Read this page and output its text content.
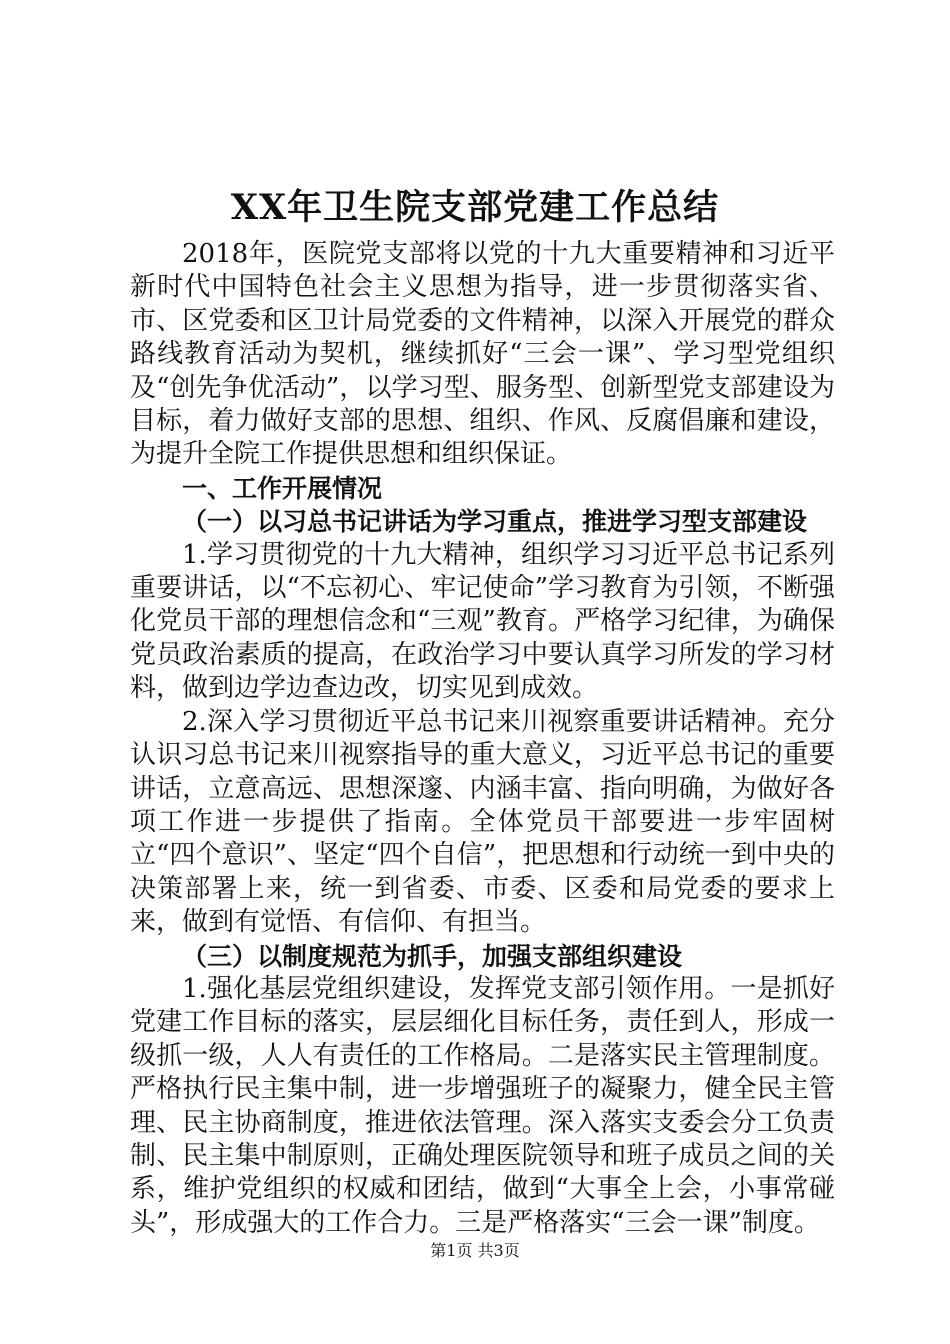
XX年卫生院支部党建工作总结

2018年，医院党支部将以党的十九大重要精神和习近平新时代中国特色社会主义思想为指导，进一步贯彻落实省、市、区党委和区卫计局党委的文件精神，以深入开展党的群众路线教育活动为契机，继续抓好“三会一课”、学习型党组织及“创先争优活动”，以学习型、服务型、创新型党支部建设为目标，着力做好支部的思想、组织、作风、反腐倡廉和建设，为提升全院工作提供思想和组织保证。

一、工作开展情况

（一）以习总书记讲话为学习重点，推进学习型支部建设

1.学习贯彻党的十九大精神，组织学习习近平总书记系列重要讲话，以“不忘初心、牢记使命”学习教育为引领，不断强化党员干部的理想信念和“三观”教育。严格学习纪律，为确保党员政治素质的提高，在政治学习中要认真学习所发的学习材料，做到边学边查边改，切实见到成效。

2.深入学习贯彻近平总书记来川视察重要讲话精神。充分认识习总书记来川视察指导的重大意义，习近平总书记的重要讲话，立意高远、思想深邃、内涵丰富、指向明确，为做好各项工作进一步提供了指南。全体党员干部要进一步牢固树立“四个意识”、坚定“四个自信”，把思想和行动统一到中央的决策部署上来，统一到省委、市委、区委和局党委的要求上来，做到有觉悟、有信仰、有担当。

（三）以制度规范为抓手，加强支部组织建设

1.强化基层党组织建设，发挥党支部引领作用。一是抓好党建工作目标的落实，层层细化目标任务，责任到人，形成一级抓一级，人人有责任的工作格局。二是落实民主管理制度。严格执行民主集中制，进一步增强班子的凝聚力，健全民主管理、民主协商制度，推进依法管理。深入落实支委会分工负责制、民主集中制原则，正确处理医院领导和班子成员之间的关系，维护党组织的权威和团结，做到“大事全上会，小事常碰头”，形成强大的工作合力。三是严格落实“三会一课”制度。

第1页 共3页
